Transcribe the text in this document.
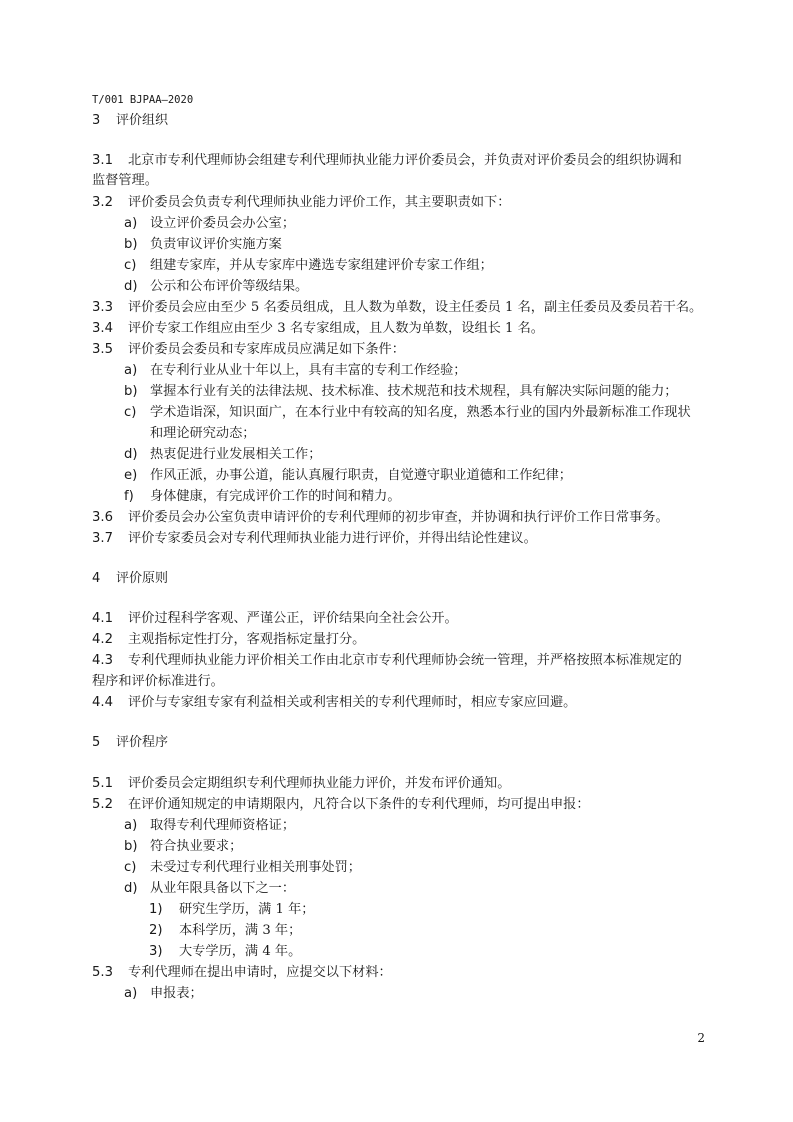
T/001 BJPAA—2020
3 评价组织
3.1 北京市专利代理师协会组建专利代理师执业能力评价委员会，并负责对评价委员会的组织协调和
监督管理。
3.2 评价委员会负责专利代理师执业能力评价工作，其主要职责如下：
a) 设立评价委员会办公室；
b) 负责审议评价实施方案
c) 组建专家库，并从专家库中遴选专家组建评价专家工作组；
d) 公示和公布评价等级结果。
3.3 评价委员会应由至少 5 名委员组成，且人数为单数，设主任委员 1 名，副主任委员及委员若干名。
3.4 评价专家工作组应由至少 3 名专家组成，且人数为单数，设组长 1 名。
3.5 评价委员会委员和专家库成员应满足如下条件：
a) 在专利行业从业十年以上，具有丰富的专利工作经验；
b) 掌握本行业有关的法律法规、技术标准、技术规范和技术规程，具有解决实际问题的能力；
c) 学术造诣深，知识面广，在本行业中有较高的知名度，熟悉本行业的国内外最新标准工作现状
和理论研究动态；
d) 热衷促进行业发展相关工作；
e) 作风正派，办事公道，能认真履行职责，自觉遵守职业道德和工作纪律；
f) 身体健康，有完成评价工作的时间和精力。
3.6 评价委员会办公室负责申请评价的专利代理师的初步审查，并协调和执行评价工作日常事务。
3.7 评价专家委员会对专利代理师执业能力进行评价，并得出结论性建议。
4 评价原则
4.1 评价过程科学客观、严谨公正，评价结果向全社会公开。
4.2 主观指标定性打分，客观指标定量打分。
4.3 专利代理师执业能力评价相关工作由北京市专利代理师协会统一管理，并严格按照本标准规定的
程序和评价标准进行。
4.4 评价与专家组专家有利益相关或利害相关的专利代理师时，相应专家应回避。
5 评价程序
5.1 评价委员会定期组织专利代理师执业能力评价，并发布评价通知。
5.2 在评价通知规定的申请期限内，凡符合以下条件的专利代理师，均可提出申报：
a) 取得专利代理师资格证；
b) 符合执业要求；
c) 未受过专利代理行业相关刑事处罚；
d) 从业年限具备以下之一：
1) 研究生学历，满 1 年；
2) 本科学历，满 3 年；
3) 大专学历，满 4 年。
5.3 专利代理师在提出申请时，应提交以下材料：
a) 申报表；
2
